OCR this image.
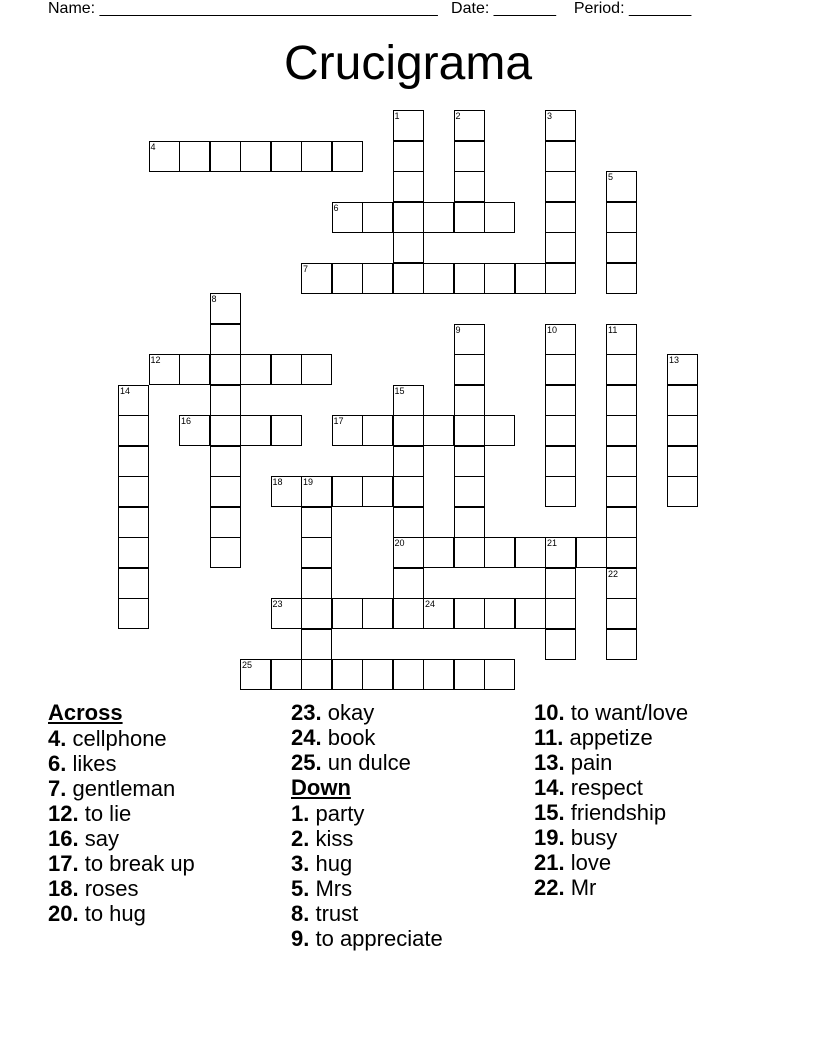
Name: ______________________________________   Date: _______    Period: _______
Crucigrama
1	2	3
4
5
6
7
8
9	10	11
12	13
14	15
20
16	17
18 19
21
22
23	24
25
Across
4. cellphone
6. likes
7. gentleman
12. to lie
16. say
17. to break up
18. roses
20. to hug
23. okay
24. book
25. un dulce
Down
1. party
2. kiss
3. hug
5. Mrs
8. trust
9. to appreciate
10. to want/love
11. appetize
13. pain
14. respect
15. friendship
19. busy
21. love
22. Mr
